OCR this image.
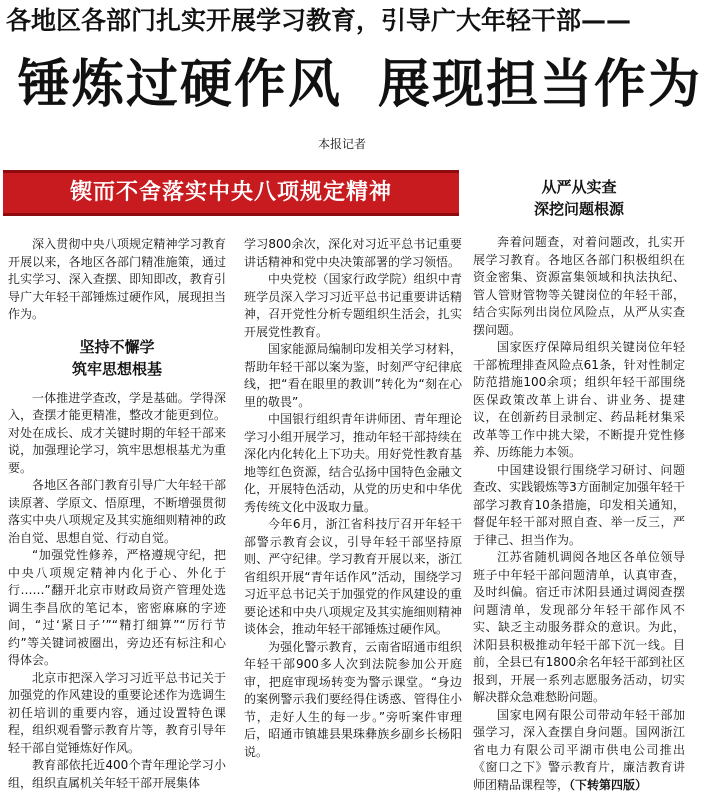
各地区各部门扎实开展学习教育，引导广大年轻干部——
锤炼过硬作风 展现担当作为
本报记者
锲而不舍落实中央八项规定精神

深入贯彻中央八项规定精神学习教育开展以来，各地区各部门精准施策，通过扎实学习、深入查摆、即知即改，教育引导广大年轻干部锤炼过硬作风，展现担当作为。

坚持不懈学
筑牢思想根基

一体推进学查改，学是基础。学得深入，查摆才能更精准，整改才能更到位。对处在成长、成才关键时期的年轻干部来说，加强理论学习，筑牢思想根基尤为重要。

各地区各部门教育引导广大年轻干部读原著、学原文、悟原理，不断增强贯彻落实中央八项规定及其实施细则精神的政治自觉、思想自觉、行动自觉。

“加强党性修养，严格遵规守纪，把中央八项规定精神内化于心、外化于行……”翻开北京市财政局资产管理处选调生李昌欣的笔记本，密密麻麻的字迹间，“过‘紧日子’”“精打细算”“厉行节约”等关键词被圈出，旁边还有标注和心得体会。

北京市把深入学习习近平总书记关于加强党的作风建设的重要论述作为选调生初任培训的重要内容，通过设置特色课程，组织观看警示教育片等，教育引导年轻干部自觉锤炼好作风。

教育部依托近400个青年理论学习小组，组织直属机关年轻干部开展集体

学习800余次，深化对习近平总书记重要讲话精神和党中央决策部署的学习领悟。

中央党校（国家行政学院）组织中青班学员深入学习习近平总书记重要讲话精神，召开党性分析专题组织生活会，扎实开展党性教育。

国家能源局编制印发相关学习材料，帮助年轻干部以案为鉴，时刻严守纪律底线，把“看在眼里的教训”转化为“刻在心里的敬畏”。

中国银行组织青年讲师团、青年理论学习小组开展学习，推动年轻干部持续在深化内化转化上下功夫。用好党性教育基地等红色资源，结合弘扬中国特色金融文化，开展特色活动，从党的历史和中华优秀传统文化中汲取力量。

今年6月，浙江省科技厅召开年轻干部警示教育会议，引导年轻干部坚持原则、严守纪律。学习教育开展以来，浙江省组织开展“青年话作风”活动，围绕学习习近平总书记关于加强党的作风建设的重要论述和中央八项规定及其实施细则精神谈体会，推动年轻干部锤炼过硬作风。

为强化警示教育，云南省昭通市组织年轻干部900多人次到法院参加公开庭审，把庭审现场转变为警示课堂。“身边的案例警示我们要经得住诱惑、管得住小节，走好人生的每一步。”旁听案件审理后，昭通市镇雄县果珠彝族乡副乡长杨阳说。

从严从实查
深挖问题根源

奔着问题查，对着问题改，扎实开展学习教育。各地区各部门积极组织在资金密集、资源富集领域和执法执纪、管人管财管物等关键岗位的年轻干部，结合实际列出岗位风险点，从严从实查摆问题。

国家医疗保障局组织关键岗位年轻干部梳理排查风险点61条，针对性制定防范措施100余项；组织年轻干部围绕医保政策改革上讲台、讲业务、提建议，在创新药目录制定、药品耗材集采改革等工作中挑大梁，不断提升党性修养、历练能力本领。

中国建设银行围绕学习研讨、问题查改、实践锻炼等3方面制定加强年轻干部学习教育10条措施，印发相关通知，督促年轻干部对照自查、举一反三，严于律己、担当作为。

江苏省随机调阅各地区各单位领导班子中年轻干部问题清单，认真审查，及时纠偏。宿迁市沭阳县通过调阅查摆问题清单，发现部分年轻干部作风不实、缺乏主动服务群众的意识。为此，沭阳县积极推动年轻干部下沉一线。目前，全县已有1800余名年轻干部到社区报到，开展一系列志愿服务活动，切实解决群众急难愁盼问题。

国家电网有限公司带动年轻干部加强学习，深入查摆自身问题。国网浙江省电力有限公司平湖市供电公司推出《窗口之下》警示教育片，廉洁教育讲师团精品课程等，（下转第四版）
